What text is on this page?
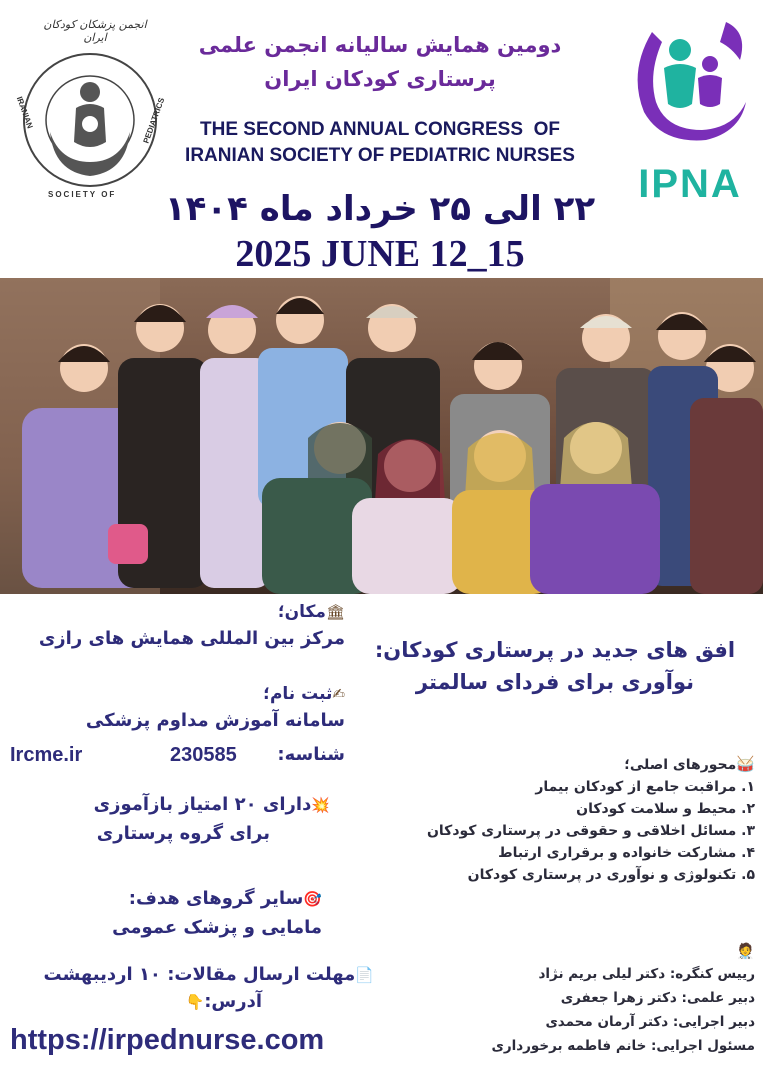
انجمن پزشکان کودکان ایران
IRANIAN
SOCIETY OF
PEDIATRICS
دومین همایش سالیانه انجمن علمی
پرستاری کودکان ایران
THE SECOND ANNUAL CONGRESS  OF
IRANIAN SOCIETY OF PEDIATRIC NURSES
۲۲ الی ۲۵ خرداد ماه ۱۴۰۴
2025 JUNE 12_15
IPNA
🏛مکان؛
مرکز بین المللی همایش های رازی
✍ثبت نام؛
سامانه آموزش مداوم پزشکی
Ircme.ir	230585 شناسه:
💥دارای ۲۰ امتیاز بازآموزی
برای گروه پرستاری
🎯سایر گروهای هدف:
مامایی و پزشک عمومی
📄مهلت ارسال مقالات: ۱۰ اردیبهشت
آدرس:👇
افق های جدید در پرستاری کودکان:
نوآوری برای فردای سالمتر
🥁محورهای اصلی؛
۱. مراقبت جامع از کودکان بیمار
۲. محیط و سلامت کودکان
۳. مسائل اخلاقی و حقوقی در پرستاری کودکان
۴. مشارکت خانواده و برقراری ارتباط
۵. تکنولوژی و نوآوری در پرستاری کودکان
🧑‍⚕️
رییس کنگره: دکتر لیلی بریم نژاد
دبیر علمی: دکتر زهرا جعفری
دبیر اجرایی: دکتر آرمان محمدی
مسئول اجرایی: خانم فاطمه برخورداری
https://irpednurse.com
